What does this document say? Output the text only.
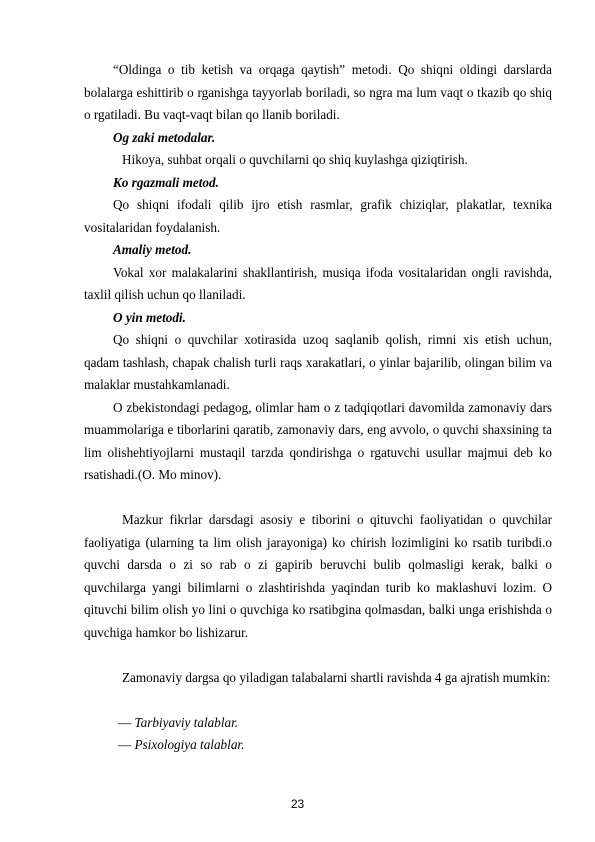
“Oldinga o tib ketish va orqaga qaytish” metodi. Qo shiqni oldingi darslarda bolalarga eshittirib o rganishga tayyorlab boriladi, so ngra ma lum vaqt o tkazib qo shiq o rgatiladi. Bu vaqt-vaqt bilan qo llanib boriladi.
Og zaki metodalar.
Hikoya, suhbat orqali o quvchilarni qo shiq kuylashga qiziqtirish.
Ko rgazmali metod.
Qo shiqni ifodali qilib ijro etish rasmlar, grafik chiziqlar, plakatlar, texnika vositalaridan foydalanish.
Amaliy metod.
Vokal xor malakalarini shakllantirish, musiqa ifoda vositalaridan ongli ravishda, taxlil qilish uchun qo llaniladi.
O yin metodi.
Qo shiqni o quvchilar xotirasida uzoq saqlanib qolish, rimni xis etish uchun, qadam tashlash, chapak chalish turli raqs xarakatlari, o yinlar bajarilib, olingan bilim va malaklar mustahkamlanadi.
O zbekistondagi pedagog, olimlar ham o z tadqiqotlari davomilda zamonaviy dars muammolariga e tiborlarini qaratib, zamonaviy dars, eng avvolo, o quvchi shaxsining ta lim olishehtiyojlarni mustaqil tarzda qondirishga o rgatuvchi usullar majmui deb ko rsatishadi.(O. Mo minov).
Mazkur fikrlar darsdagi asosiy e tiborini o qituvchi faoliyatidan o quvchilar faoliyatiga (ularning ta lim olish jarayoniga) ko chirish lozimligini ko rsatib turibdi.o quvchi darsda o zi so rab o zi gapirib beruvchi bulib qolmasligi kerak, balki o quvchilarga yangi bilimlarni o zlashtirishda yaqindan turib ko maklashuvi lozim. O qituvchi bilim olish yo lini o quvchiga ko rsatibgina qolmasdan, balki unga erishishda o quvchiga hamkor bo lishizarur.
Zamonaviy dargsa qo yiladigan talabalarni shartli ravishda 4 ga ajratish mumkin:
— Tarbiyaviy talablar.
— Psixologiya talablar.
23
